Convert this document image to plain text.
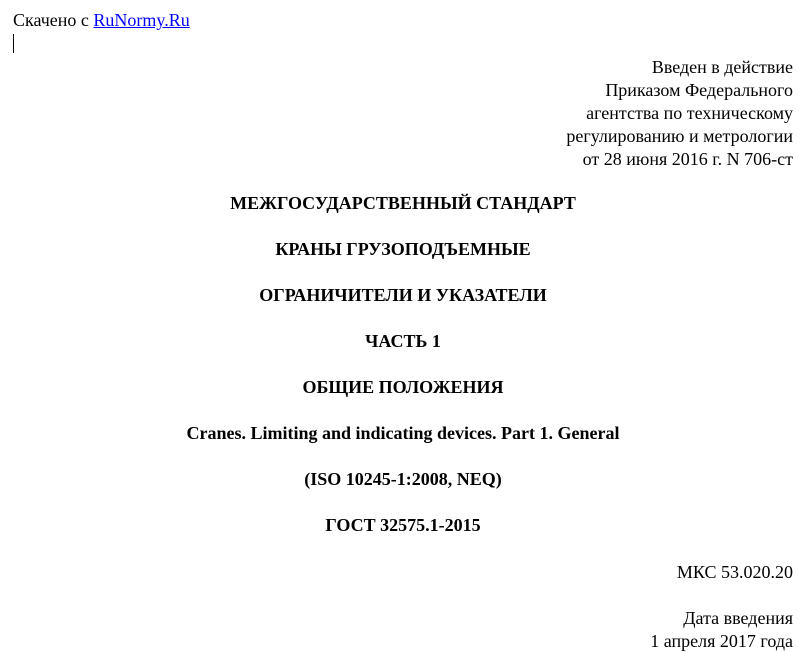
Скачено с RuNormy.Ru
Введен в действие
Приказом Федерального
агентства по техническому
регулированию и метрологии
от 28 июня 2016 г. N 706-ст
МЕЖГОСУДАРСТВЕННЫЙ СТАНДАРТ
КРАНЫ ГРУЗОПОДЪЕМНЫЕ
ОГРАНИЧИТЕЛИ И УКАЗАТЕЛИ
ЧАСТЬ 1
ОБЩИЕ ПОЛОЖЕНИЯ
Cranes. Limiting and indicating devices. Part 1. General
(ISO 10245-1:2008, NEQ)
ГОСТ 32575.1-2015
МКС 53.020.20
Дата введения
1 апреля 2017 года
